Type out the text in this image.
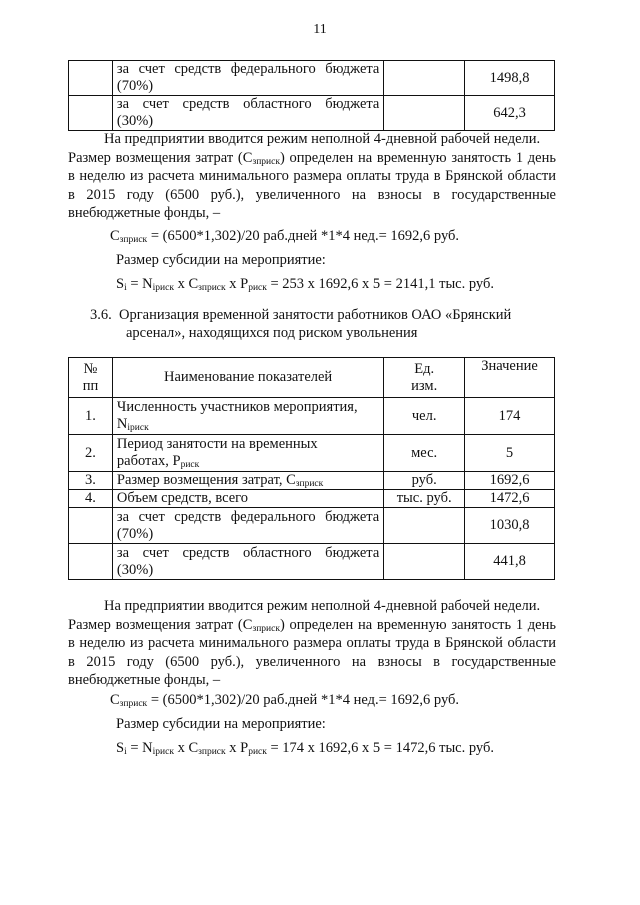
11

	за счет средств федерального бюджета
(70%)		1498,8

	за счет средств областного бюджета
(30%)		642,3
На предприятии вводится режим неполной 4-дневной рабочей недели.
Размер возмещения затрат $(С_{зприск})$ определен на временную занятость 1 день
в неделю из расчета минимального размера оплаты труда в Брянской области
в 2015 году (6500 руб.), увеличенного на взносы в государственные
внебюджетные фонды, –
$С_{зприск} = (6500*1,302)/20$ раб.дней *1*4 нед.= 1692,6 руб.
Размер субсидии на мероприятие:
$S_i = N_{iриск}$ x $С_{зприск}$ x $Р_{риск} = 253$ x 1692,6 x 5 = 2141,1 тыс. руб.
3.6. Организация временной занятости работников ОАО «Брянский
арсенал», находящихся под риском увольнения
№
пп	Наименование показателей	Ед.
изм.	Значение
1.	Численность участников мероприятия,
$N_{iриск}$	чел.	174
2.	Период занятости на временных
работах, $Р_{риск}$	мес.	5
3.	Размер возмещения затрат, $С_{зприск}$	руб.	1692,6
4.	Объем средств, всего	тыс. руб.	1472,6

	за счет средств федерального бюджета
(70%)		1030,8

	за счет средств областного бюджета
(30%)		441,8
На предприятии вводится режим неполной 4-дневной рабочей недели.
Размер возмещения затрат $(С_{зприск})$ определен на временную занятость 1 день
в неделю из расчета минимального размера оплаты труда в Брянской области
в 2015 году (6500 руб.), увеличенного на взносы в государственные
внебюджетные фонды, –
$С_{зприск} = (6500*1,302)/20$ раб.дней *1*4 нед.= 1692,6 руб.
Размер субсидии на мероприятие:
$S_i = N_{iриск}$ x $С_{зприск}$ x $Р_{риск} = 174$ x 1692,6 x 5 = 1472,6 тыс. руб.
